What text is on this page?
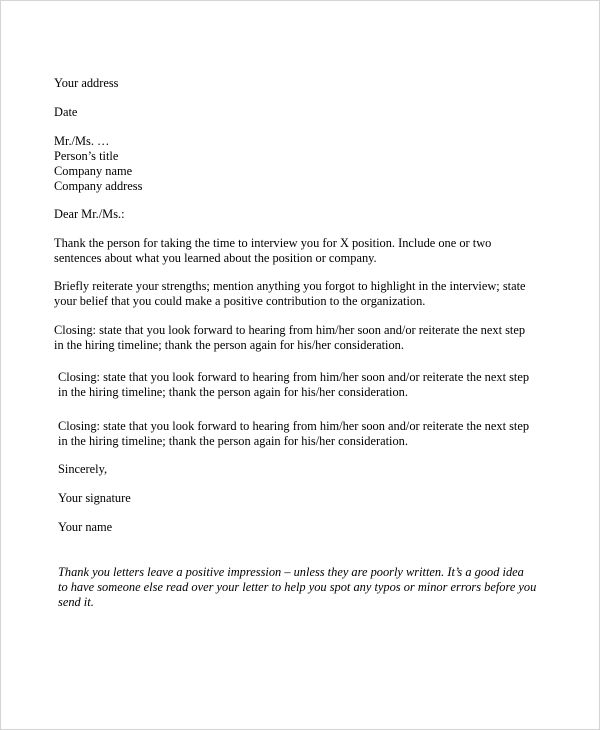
Your address

Date

Mr./Ms. …
Person’s title
Company name
Company address

Dear Mr./Ms.:

Thank the person for taking the time to interview you for X position. Include one or two
sentences about what you learned about the position or company.
Briefly reiterate your strengths; mention anything you forgot to highlight in the interview; state
your belief that you could make a positive contribution to the organization.
Closing: state that you look forward to hearing from him/her soon and/or reiterate the next step
in the hiring timeline; thank the person again for his/her consideration.
Closing: state that you look forward to hearing from him/her soon and/or reiterate the next step
in the hiring timeline; thank the person again for his/her consideration.
Closing: state that you look forward to hearing from him/her soon and/or reiterate the next step
in the hiring timeline; thank the person again for his/her consideration.

Sincerely,

Your signature

Your name

Thank you letters leave a positive impression – unless they are poorly written. It’s a good idea
to have someone else read over your letter to help you spot any typos or minor errors before you
send it.
